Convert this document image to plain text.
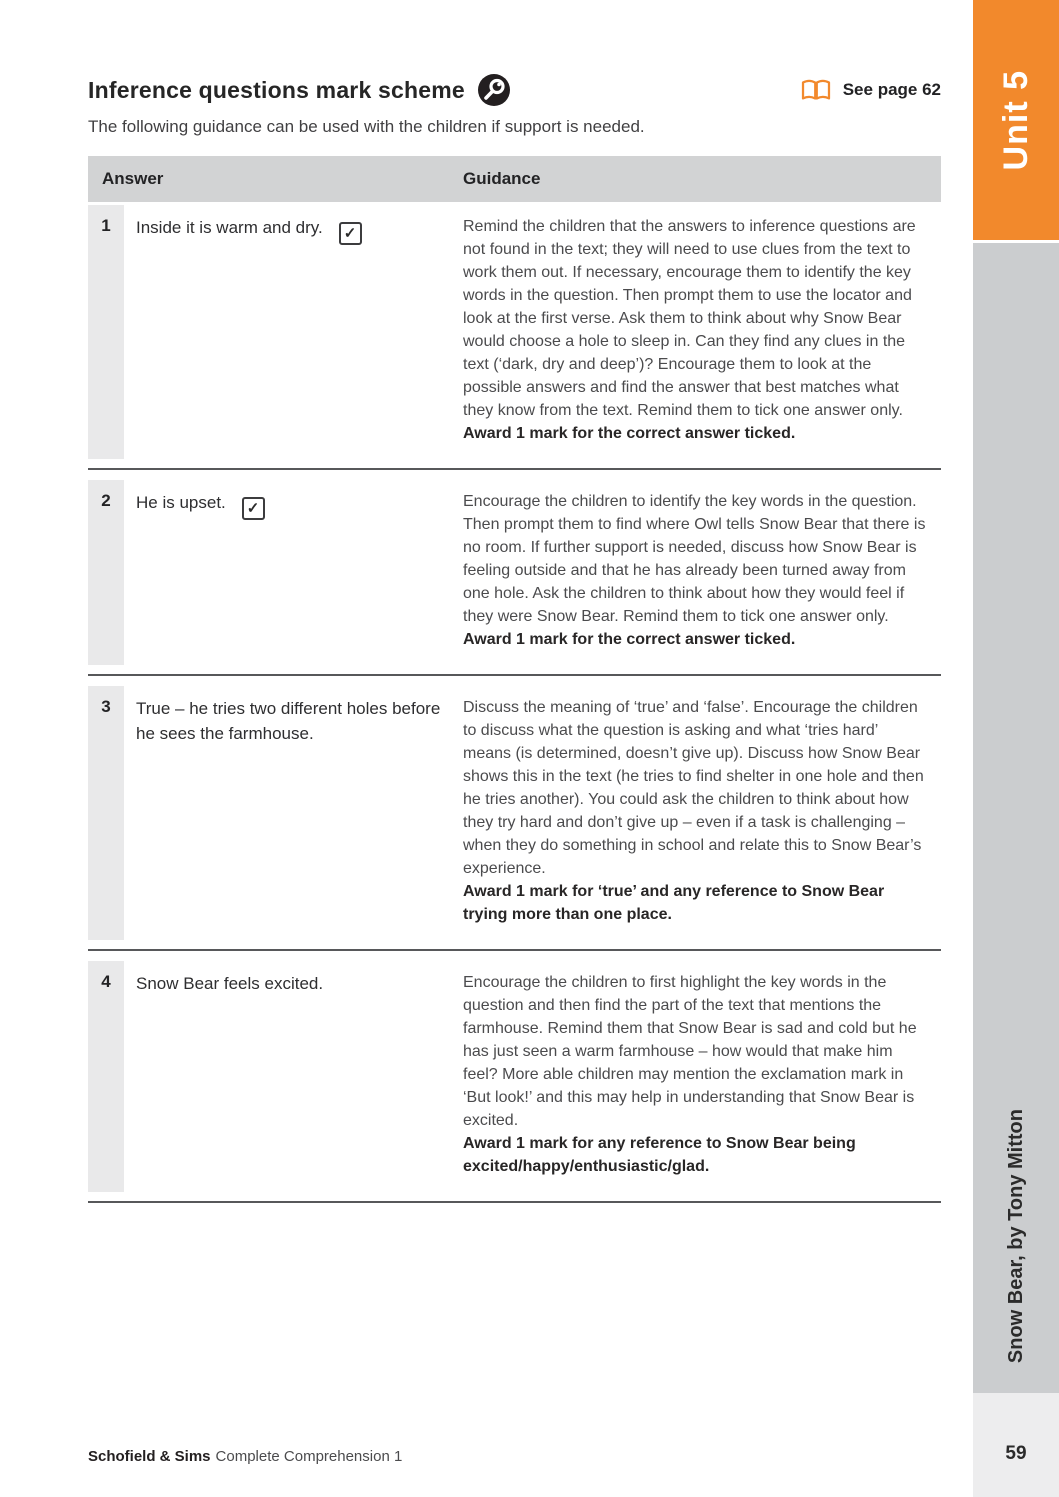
Unit 5
Snow Bear, by Tony Mitton
59
Inference questions mark scheme	See page 62
The following guidance can be used with the children if support is needed.
Answer	Guidance
1	Inside it is warm and dry. ✓	Remind the children that the answers to inference questions are not found in the text; they will need to use clues from the text to work them out. If necessary, encourage them to identify the key words in the question. Then prompt them to use the locator and look at the first verse. Ask them to think about why Snow Bear would choose a hole to sleep in. Can they find any clues in the text (‘dark, dry and deep’)? Encourage them to look at the possible answers and find the answer that best matches what they know from the text. Remind them to tick one answer only.
Award 1 mark for the correct answer ticked.
2	He is upset. ✓	Encourage the children to identify the key words in the question. Then prompt them to find where Owl tells Snow Bear that there is no room. If further support is needed, discuss how Snow Bear is feeling outside and that he has already been turned away from one hole. Ask the children to think about how they would feel if they were Snow Bear. Remind them to tick one answer only.
Award 1 mark for the correct answer ticked.
3	True – he tries two different holes before he sees the farmhouse.
Discuss the meaning of ‘true’ and ‘false’. Encourage the children to discuss what the question is asking and what ‘tries hard’ means (is determined, doesn’t give up). Discuss how Snow Bear shows this in the text (he tries to find shelter in one hole and then he tries another). You could ask the children to think about how they try hard and don’t give up – even if a task is challenging – when they do something in school and relate this to Snow Bear’s experience.
Award 1 mark for ‘true’ and any reference to Snow Bear trying more than one place.
4	Snow Bear feels excited.	Encourage the children to first highlight the key words in the question and then find the part of the text that mentions the farmhouse. Remind them that Snow Bear is sad and cold but he has just seen a warm farmhouse – how would that make him feel? More able children may mention the exclamation mark in ‘But look!’ and this may help in understanding that Snow Bear is excited.
Award 1 mark for any reference to Snow Bear being excited/happy/enthusiastic/glad.
Schofield & Sims Complete Comprehension 1
